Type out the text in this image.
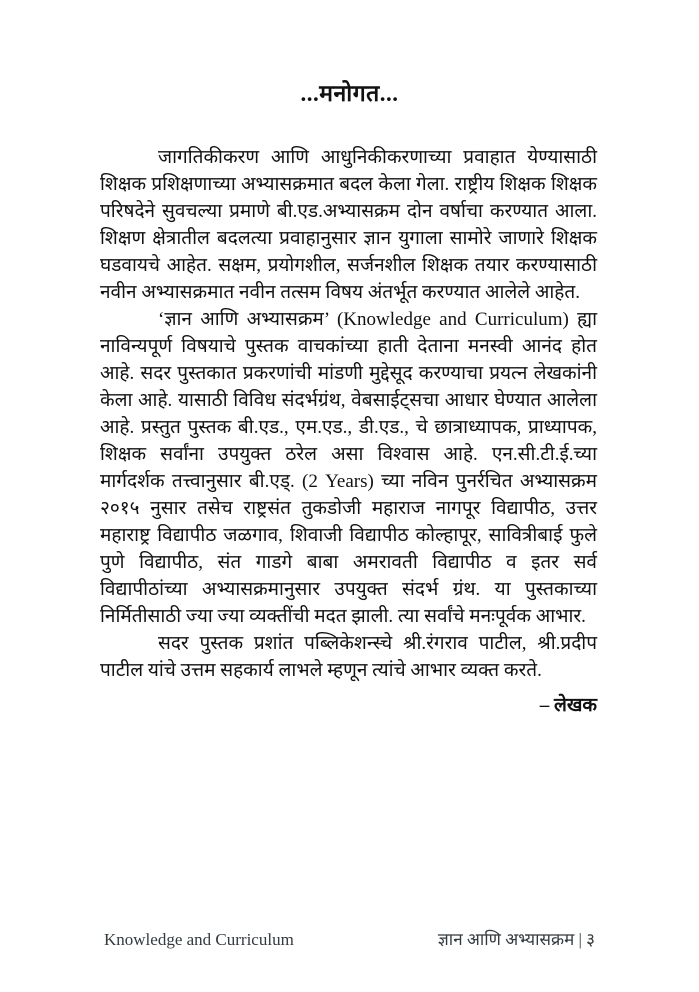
...मनोगत...

जागतिकीकरण आणि आधुनिकीकरणाच्या प्रवाहात येण्यासाठी शिक्षक प्रशिक्षणाच्या अभ्यासक्रमात बदल केला गेला. राष्ट्रीय शिक्षक शिक्षक परिषदेने सुवचल्या प्रमाणे बी.एड.अभ्यासक्रम दोन वर्षाचा करण्यात आला. शिक्षण क्षेत्रातील बदलत्या प्रवाहानुसार ज्ञान युगाला सामोरे जाणारे शिक्षक घडवायचे आहेत. सक्षम, प्रयोगशील, सर्जनशील शिक्षक तयार करण्यासाठी नवीन अभ्यासक्रमात नवीन तत्सम विषय अंतर्भूत करण्यात आलेले आहेत.

‘ज्ञान आणि अभ्यासक्रम’ (Knowledge and Curriculum) ह्या नाविन्यपूर्ण विषयाचे पुस्तक वाचकांच्या हाती देताना मनस्वी आनंद होत आहे. सदर पुस्तकात प्रकरणांची मांडणी मुद्देसूद करण्याचा प्रयत्न लेखकांनी केला आहे. यासाठी विविध संदर्भग्रंथ, वेबसाईट्सचा आधार घेण्यात आलेला आहे. प्रस्तुत पुस्तक बी.एड., एम.एड., डी.एड., चे छात्राध्यापक, प्राध्यापक, शिक्षक सर्वांना उपयुक्त ठरेल असा विश्वास आहे. एन.सी.टी.ई.च्या मार्गदर्शक तत्त्वानुसार बी.एड्. (2 Years) च्या नविन पुनर्रचित अभ्यासक्रम २०१५ नुसार तसेच राष्ट्रसंत तुकडोजी महाराज नागपूर विद्यापीठ, उत्तर महाराष्ट्र विद्यापीठ जळगाव, शिवाजी विद्यापीठ कोल्हापूर, सावित्रीबाई फुले पुणे विद्यापीठ, संत गाडगे बाबा अमरावती विद्यापीठ व इतर सर्व विद्यापीठांच्या अभ्यासक्रमानुसार उपयुक्त संदर्भ ग्रंथ. या पुस्तकाच्या निर्मितीसाठी ज्या ज्या व्यक्तींची मदत झाली. त्या सर्वांचे मनःपूर्वक आभार.

सदर पुस्तक प्रशांत पब्लिकेशन्स्चे श्री.रंगराव पाटील, श्री.प्रदीप पाटील यांचे उत्तम सहकार्य लाभले म्हणून त्यांचे आभार व्यक्त करते.

– लेखक
Knowledge and Curriculum	ज्ञान आणि अभ्यासक्रम | ३
